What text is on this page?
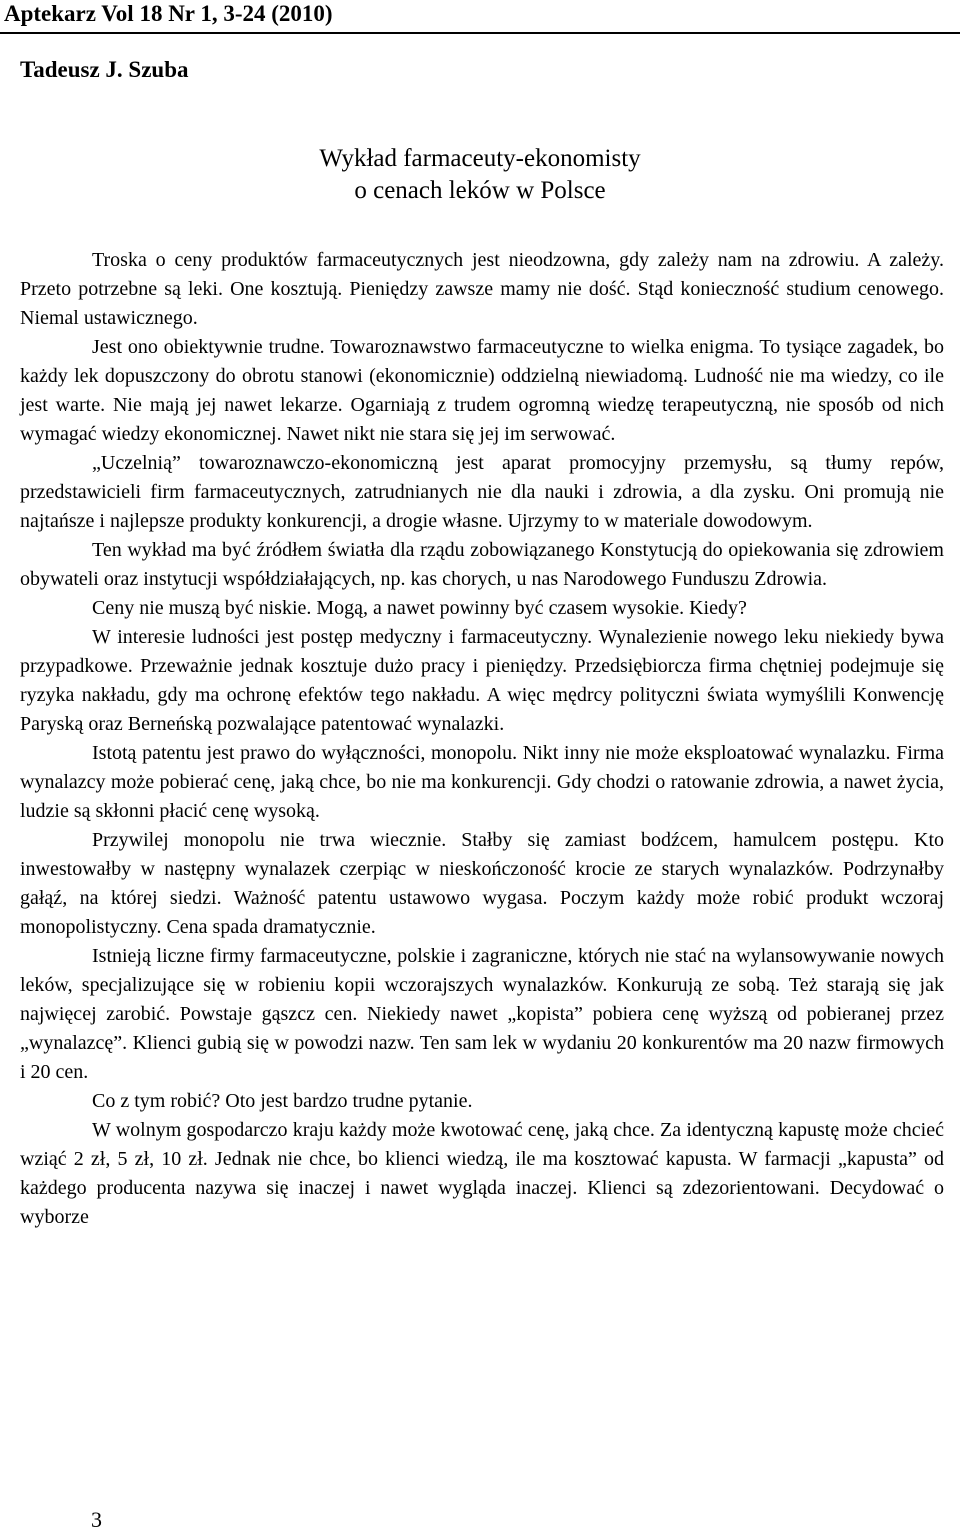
Aptekarz Vol 18 Nr 1, 3-24 (2010)
Tadeusz J. Szuba
Wykład farmaceuty-ekonomisty
o cenach leków w Polsce

Troska o ceny produktów farmaceutycznych jest nieodzowna, gdy zależy nam na zdrowiu. A zależy. Przeto potrzebne są leki. One kosztują. Pieniędzy zawsze mamy nie dość. Stąd konieczność studium cenowego. Niemal ustawicznego.

Jest ono obiektywnie trudne. Towaroznawstwo farmaceutyczne to wielka enigma. To tysiące zagadek, bo każdy lek dopuszczony do obrotu stanowi (ekonomicznie) oddzielną niewiadomą. Ludność nie ma wiedzy, co ile jest warte. Nie mają jej nawet lekarze. Ogarniają z trudem ogromną wiedzę terapeutyczną, nie sposób od nich wymagać wiedzy ekonomicznej. Nawet nikt nie stara się jej im serwować.

„Uczelnią” towaroznawczo-ekonomiczną jest aparat promocyjny przemysłu, są tłumy repów, przedstawicieli firm farmaceutycznych, zatrudnianych nie dla nauki i zdrowia, a dla zysku. Oni promują nie najtańsze i najlepsze produkty konkurencji, a drogie własne. Ujrzymy to w materiale dowodowym.

Ten wykład ma być źródłem światła dla rządu zobowiązanego Konstytucją do opiekowania się zdrowiem obywateli oraz instytucji współdziałających, np. kas chorych, u nas Narodowego Funduszu Zdrowia.

Ceny nie muszą być niskie. Mogą, a nawet powinny być czasem wysokie. Kiedy?

W interesie ludności jest postęp medyczny i farmaceutyczny. Wynalezienie nowego leku niekiedy bywa przypadkowe. Przeważnie jednak kosztuje dużo pracy i pieniędzy. Przedsiębiorcza firma chętniej podejmuje się ryzyka nakładu, gdy ma ochronę efektów tego nakładu. A więc mędrcy polityczni świata wymyślili Konwencję Paryską oraz Berneńską pozwalające patentować wynalazki.

Istotą patentu jest prawo do wyłączności, monopolu. Nikt inny nie może eksploatować wynalazku. Firma wynalazcy może pobierać cenę, jaką chce, bo nie ma konkurencji. Gdy chodzi o ratowanie zdrowia, a nawet życia, ludzie są skłonni płacić cenę wysoką.

Przywilej monopolu nie trwa wiecznie. Stałby się zamiast bodźcem, hamulcem postępu. Kto inwestowałby w następny wynalazek czerpiąc w nieskończoność krocie ze starych wynalazków. Podrzynałby gałąź, na której siedzi. Ważność patentu ustawowo wygasa. Poczym każdy może robić produkt wczoraj monopolistyczny. Cena spada dramatycznie.

Istnieją liczne firmy farmaceutyczne, polskie i zagraniczne, których nie stać na wylansowywanie nowych leków, specjalizujące się w robieniu kopii wczorajszych wynalazków. Konkurują ze sobą. Też starają się jak najwięcej zarobić. Powstaje gąszcz cen. Niekiedy nawet „kopista” pobiera cenę wyższą od pobieranej przez „wynalazcę”. Klienci gubią się w powodzi nazw. Ten sam lek w wydaniu 20 konkurentów ma 20 nazw firmowych i 20 cen.

Co z tym robić? Oto jest bardzo trudne pytanie.

W wolnym gospodarczo kraju każdy może kwotować cenę, jaką chce. Za identyczną kapustę może chcieć wziąć 2 zł, 5 zł, 10 zł. Jednak nie chce, bo klienci wiedzą, ile ma kosztować kapusta. W farmacji „kapusta” od każdego producenta nazywa się inaczej i nawet wygląda inaczej. Klienci są zdezorientowani. Decydować o wyborze

3
